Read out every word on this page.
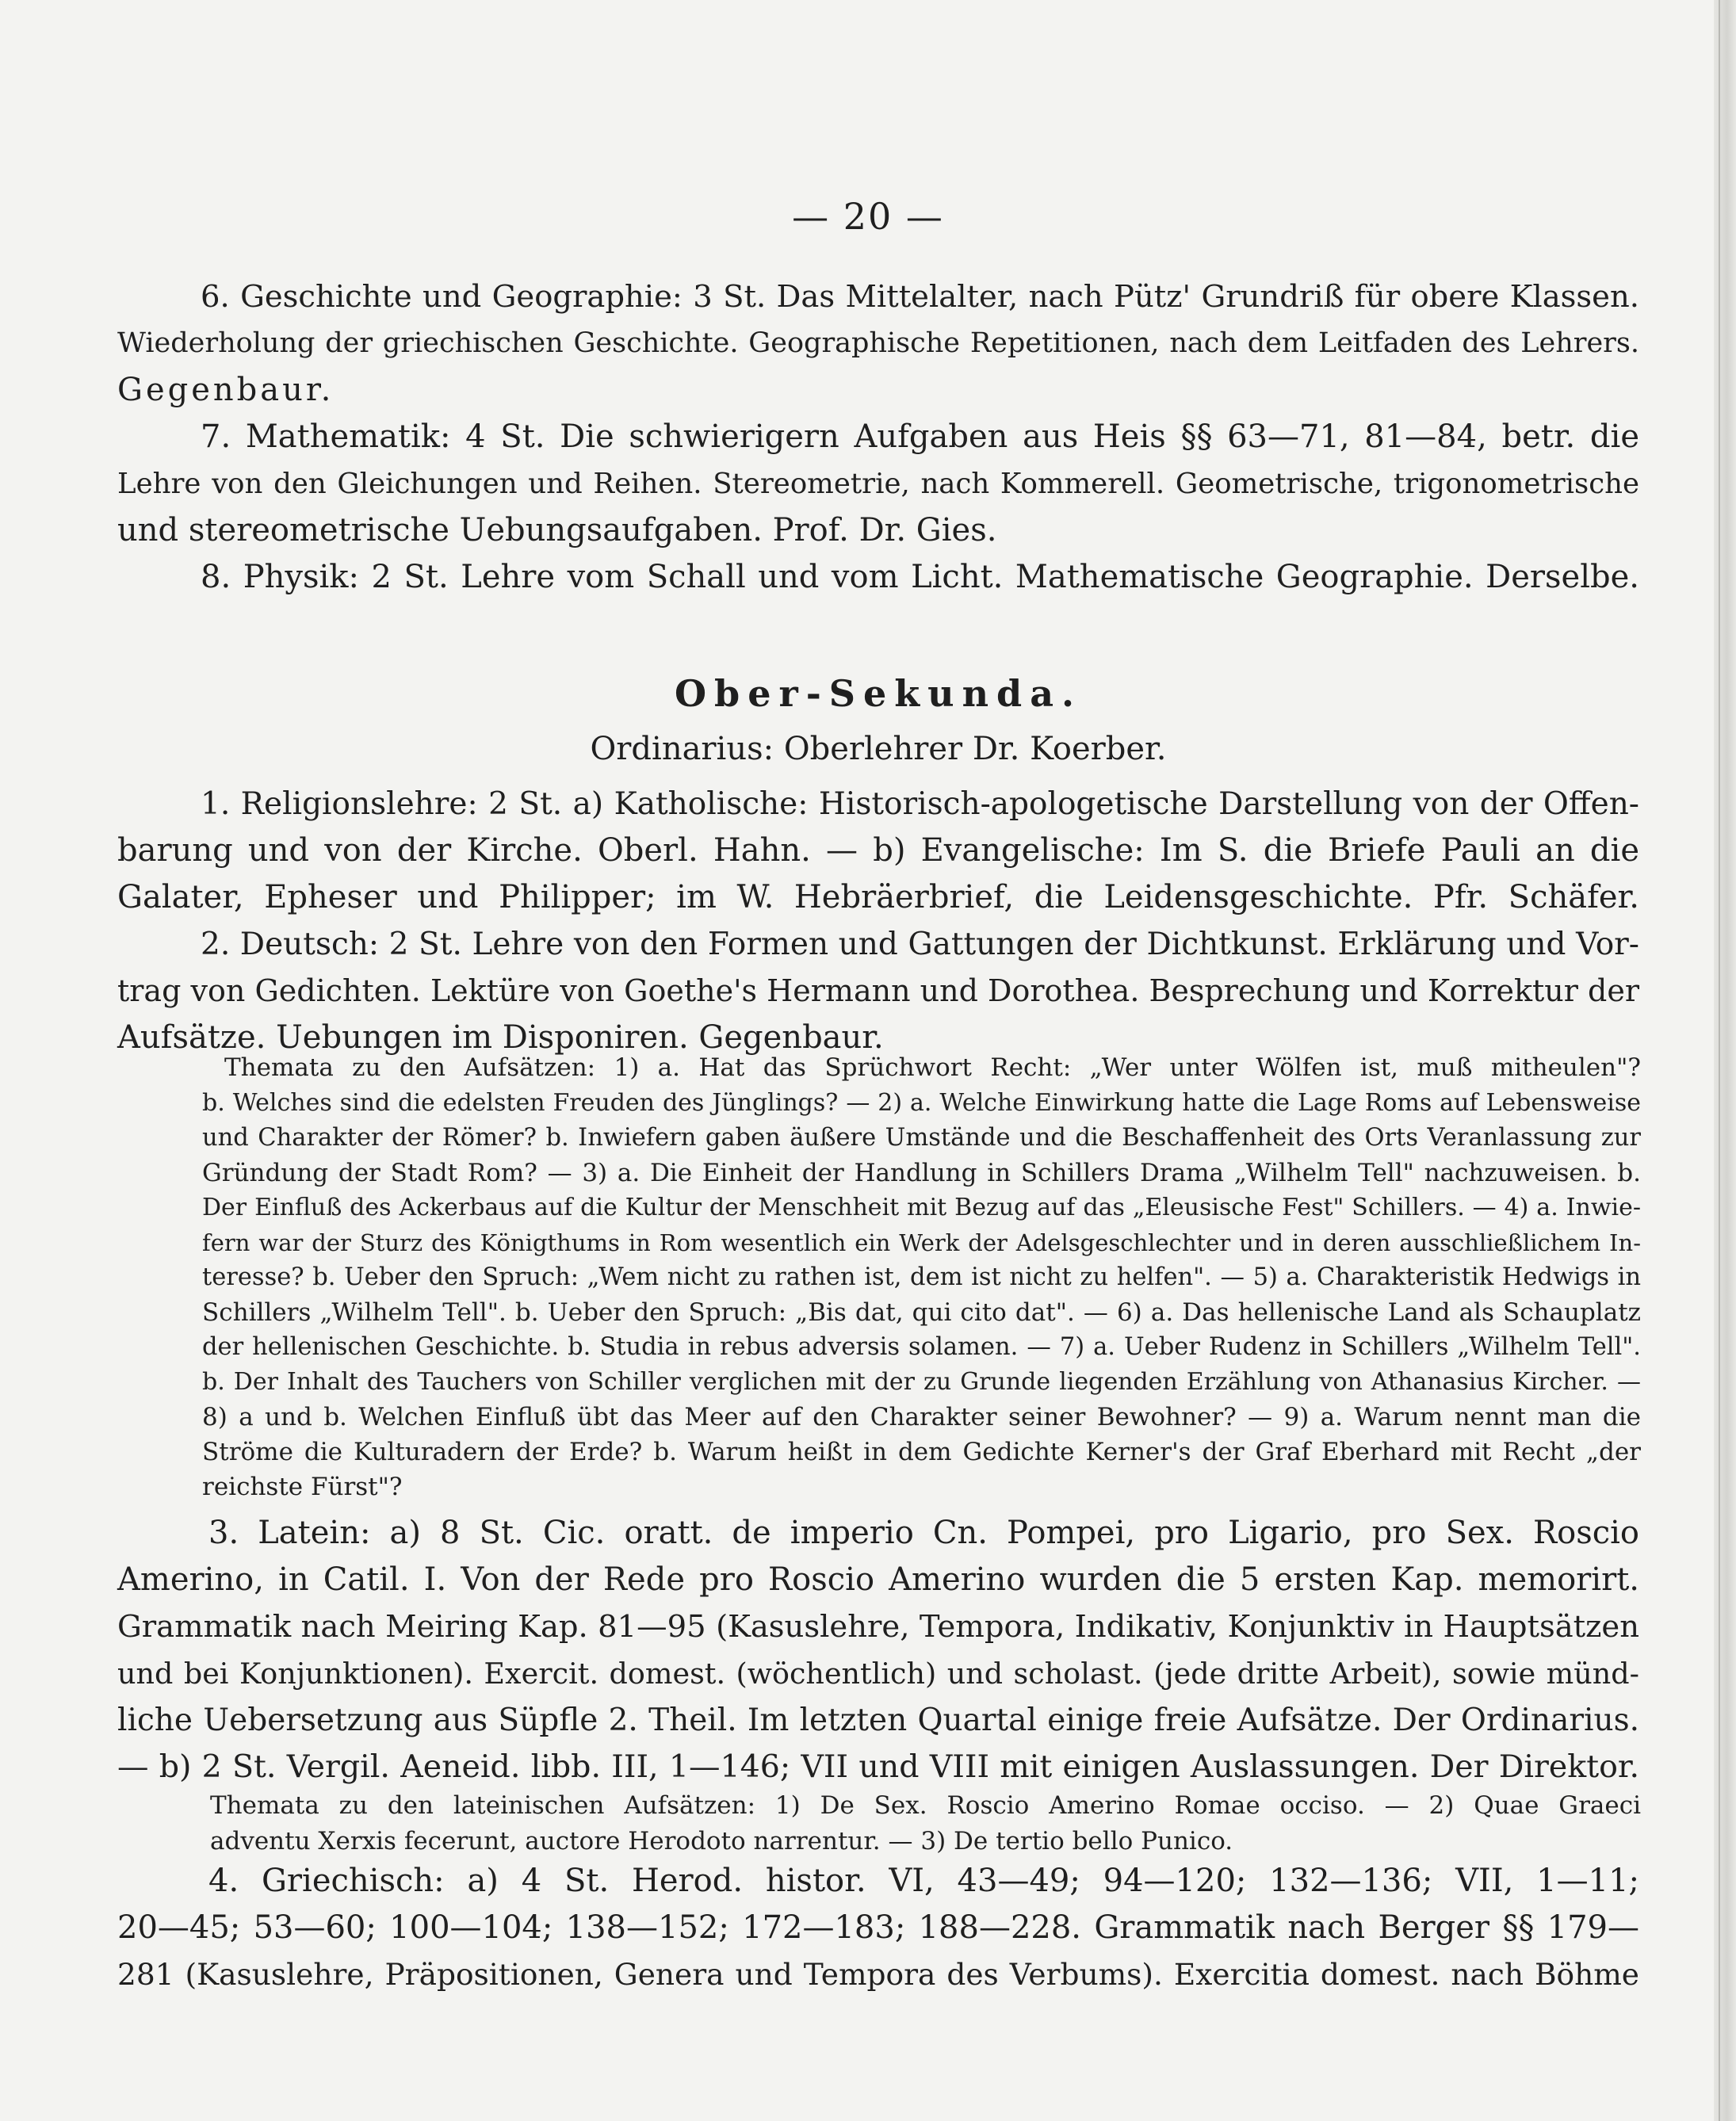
— 20 —
6. Geschichte und Geographie: 3 St. Das Mittelalter, nach Pütz' Grundriß für obere Klassen.
Wiederholung der griechischen Geschichte. Geographische Repetitionen, nach dem Leitfaden des Lehrers.
Gegenbaur.
7. Mathematik: 4 St. Die schwierigern Aufgaben aus Heis §§ 63—71, 81—84, betr. die
Lehre von den Gleichungen und Reihen. Stereometrie, nach Kommerell. Geometrische, trigonometrische
und stereometrische Uebungsaufgaben. Prof. Dr. Gies.
8. Physik: 2 St. Lehre vom Schall und vom Licht. Mathematische Geographie. Derselbe.
Ober-Sekunda.
Ordinarius: Oberlehrer Dr. Koerber.
1. Religionslehre: 2 St. a) Katholische: Historisch-apologetische Darstellung von der Offen-
barung und von der Kirche. Oberl. Hahn. — b) Evangelische: Im S. die Briefe Pauli an die
Galater, Epheser und Philipper; im W. Hebräerbrief, die Leidensgeschichte. Pfr. Schäfer.
2. Deutsch: 2 St. Lehre von den Formen und Gattungen der Dichtkunst. Erklärung und Vor-
trag von Gedichten. Lektüre von Goethe's Hermann und Dorothea. Besprechung und Korrektur der
Aufsätze. Uebungen im Disponiren. Gegenbaur.
Themata zu den Aufsätzen: 1) a. Hat das Sprüchwort Recht: „Wer unter Wölfen ist, muß mitheulen"?
b. Welches sind die edelsten Freuden des Jünglings? — 2) a. Welche Einwirkung hatte die Lage Roms auf Lebensweise
und Charakter der Römer? b. Inwiefern gaben äußere Umstände und die Beschaffenheit des Orts Veranlassung zur
Gründung der Stadt Rom? — 3) a. Die Einheit der Handlung in Schillers Drama „Wilhelm Tell" nachzuweisen. b.
Der Einfluß des Ackerbaus auf die Kultur der Menschheit mit Bezug auf das „Eleusische Fest" Schillers. — 4) a. Inwie-
fern war der Sturz des Königthums in Rom wesentlich ein Werk der Adelsgeschlechter und in deren ausschließlichem In-
teresse? b. Ueber den Spruch: „Wem nicht zu rathen ist, dem ist nicht zu helfen". — 5) a. Charakteristik Hedwigs in
Schillers „Wilhelm Tell". b. Ueber den Spruch: „Bis dat, qui cito dat". — 6) a. Das hellenische Land als Schauplatz
der hellenischen Geschichte. b. Studia in rebus adversis solamen. — 7) a. Ueber Rudenz in Schillers „Wilhelm Tell".
b. Der Inhalt des Tauchers von Schiller verglichen mit der zu Grunde liegenden Erzählung von Athanasius Kircher. —
8) a und b. Welchen Einfluß übt das Meer auf den Charakter seiner Bewohner? — 9) a. Warum nennt man die
Ströme die Kulturadern der Erde? b. Warum heißt in dem Gedichte Kerner's der Graf Eberhard mit Recht „der
reichste Fürst"?
3. Latein: a) 8 St. Cic. oratt. de imperio Cn. Pompei, pro Ligario, pro Sex. Roscio
Amerino, in Catil. I. Von der Rede pro Roscio Amerino wurden die 5 ersten Kap. memorirt.
Grammatik nach Meiring Kap. 81—95 (Kasuslehre, Tempora, Indikativ, Konjunktiv in Hauptsätzen
und bei Konjunktionen). Exercit. domest. (wöchentlich) und scholast. (jede dritte Arbeit), sowie münd-
liche Uebersetzung aus Süpfle 2. Theil. Im letzten Quartal einige freie Aufsätze. Der Ordinarius.
— b) 2 St. Vergil. Aeneid. libb. III, 1—146; VII und VIII mit einigen Auslassungen. Der Direktor.
Themata zu den lateinischen Aufsätzen: 1) De Sex. Roscio Amerino Romae occiso. — 2) Quae Graeci
adventu Xerxis fecerunt, auctore Herodoto narrentur. — 3) De tertio bello Punico.
4. Griechisch: a) 4 St. Herod. histor. VI, 43—49; 94—120; 132—136; VII, 1—11;
20—45; 53—60; 100—104; 138—152; 172—183; 188—228. Grammatik nach Berger §§ 179—
281 (Kasuslehre, Präpositionen, Genera und Tempora des Verbums). Exercitia domest. nach Böhme
